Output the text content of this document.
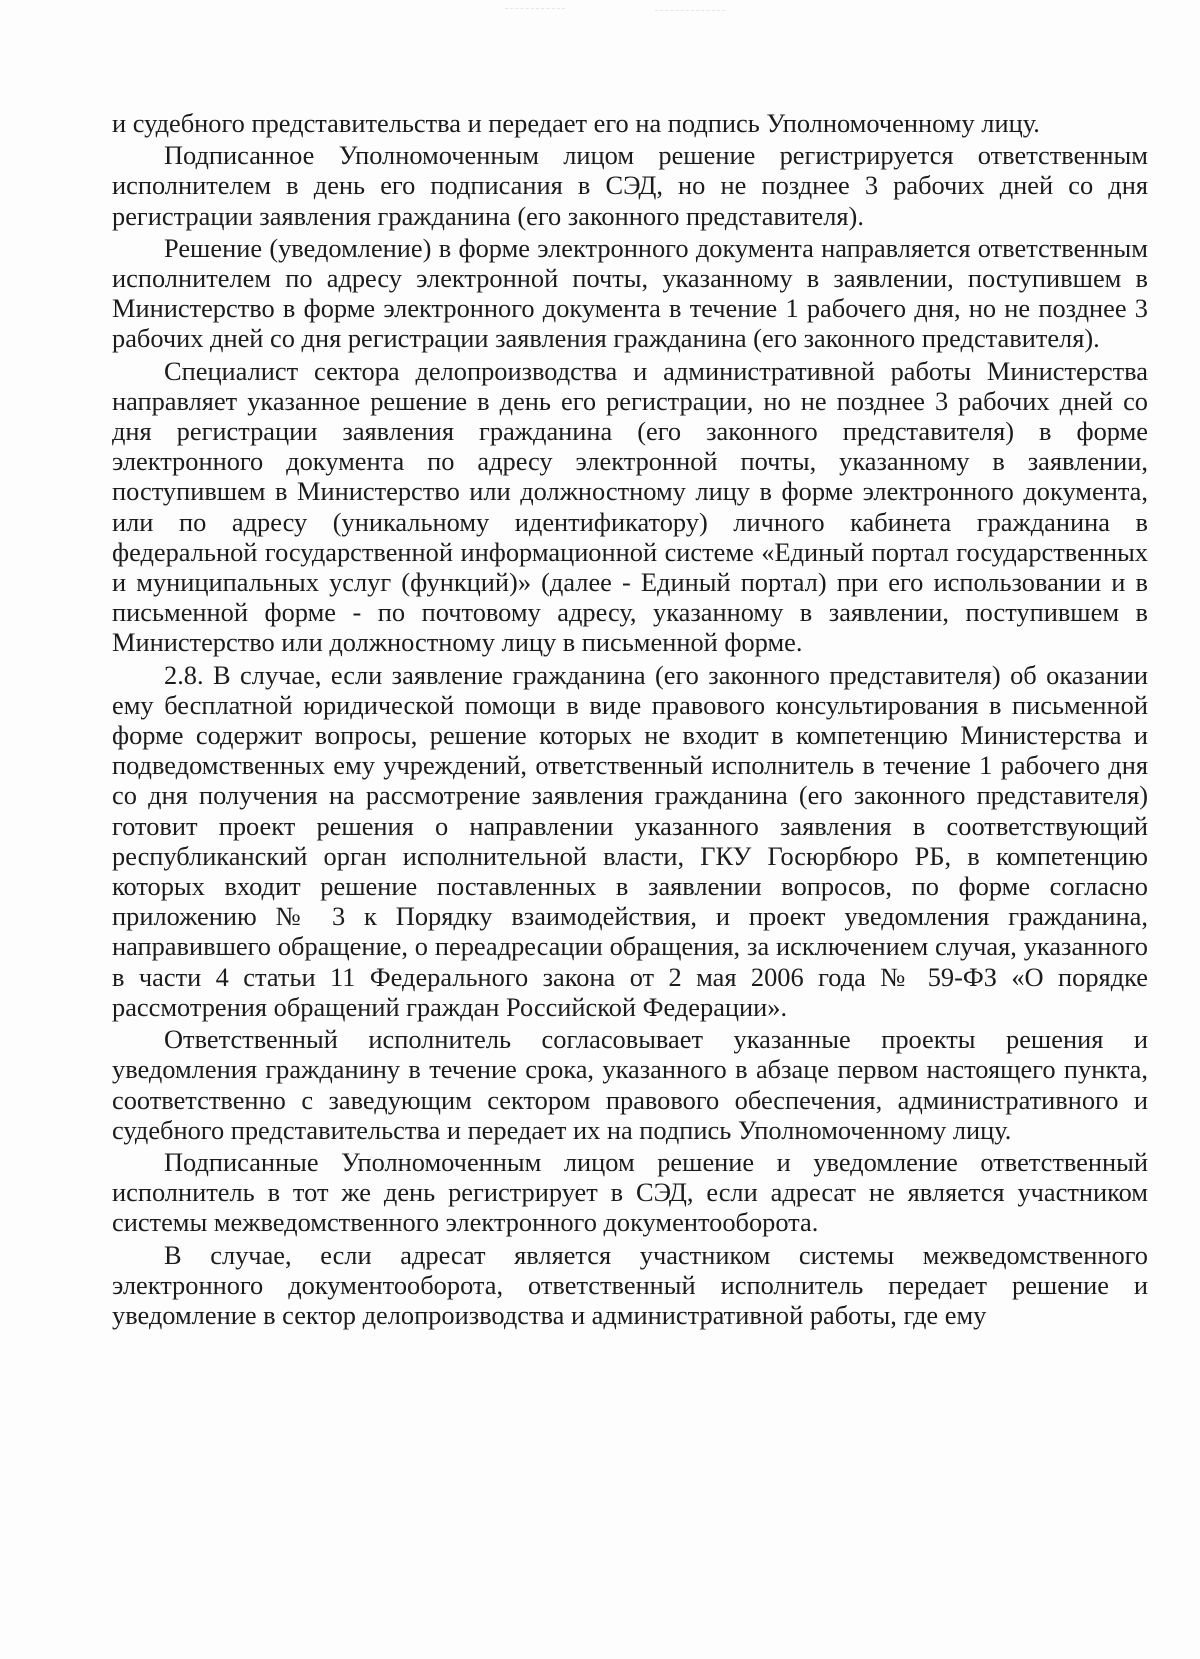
и судебного представительства и передает его на подпись Уполномоченному лицу.

Подписанное Уполномоченным лицом решение регистрируется ответственным исполнителем в день его подписания в СЭД, но не позднее 3 рабочих дней со дня регистрации заявления гражданина (его законного представителя).

Решение (уведомление) в форме электронного документа направляется ответственным исполнителем по адресу электронной почты, указанному в заявлении, поступившем в Министерство в форме электронного документа в течение 1 рабочего дня, но не позднее 3 рабочих дней со дня регистрации заявления гражданина (его законного представителя).

Специалист сектора делопроизводства и административной работы Министерства направляет указанное решение в день его регистрации, но не позднее 3 рабочих дней со дня регистрации заявления гражданина (его законного представителя) в форме электронного документа по адресу электронной почты, указанному в заявлении, поступившем в Министерство или должностному лицу в форме электронного документа, или по адресу (уникальному идентификатору) личного кабинета гражданина в федеральной государственной информационной системе «Единый портал государственных и муниципальных услуг (функций)» (далее - Единый портал) при его использовании и в письменной форме - по почтовому адресу, указанному в заявлении, поступившем в Министерство или должностному лицу в письменной форме.

2.8. В случае, если заявление гражданина (его законного представителя) об оказании ему бесплатной юридической помощи в виде правового консультирования в письменной форме содержит вопросы, решение которых не входит в компетенцию Министерства и подведомственных ему учреждений, ответственный исполнитель в течение 1 рабочего дня со дня получения на рассмотрение заявления гражданина (его законного представителя) готовит проект решения о направлении указанного заявления в соответствующий республиканский орган исполнительной власти, ГКУ Госюрбюро РБ, в компетенцию которых входит решение поставленных в заявлении вопросов, по форме согласно приложению № 3 к Порядку взаимодействия, и проект уведомления гражданина, направившего обращение, о переадресации обращения, за исключением случая, указанного в части 4 статьи 11 Федерального закона от 2 мая 2006 года № 59-ФЗ «О порядке рассмотрения обращений граждан Российской Федерации».

Ответственный исполнитель согласовывает указанные проекты решения и уведомления гражданину в течение срока, указанного в абзаце первом настоящего пункта, соответственно с заведующим сектором правового обеспечения, административного и судебного представительства и передает их на подпись Уполномоченному лицу.

Подписанные Уполномоченным лицом решение и уведомление ответственный исполнитель в тот же день регистрирует в СЭД, если адресат не является участником системы межведомственного электронного документооборота.

В случае, если адресат является участником системы межведомственного электронного документооборота, ответственный исполнитель передает решение и уведомление в сектор делопроизводства и административной работы, где ему
